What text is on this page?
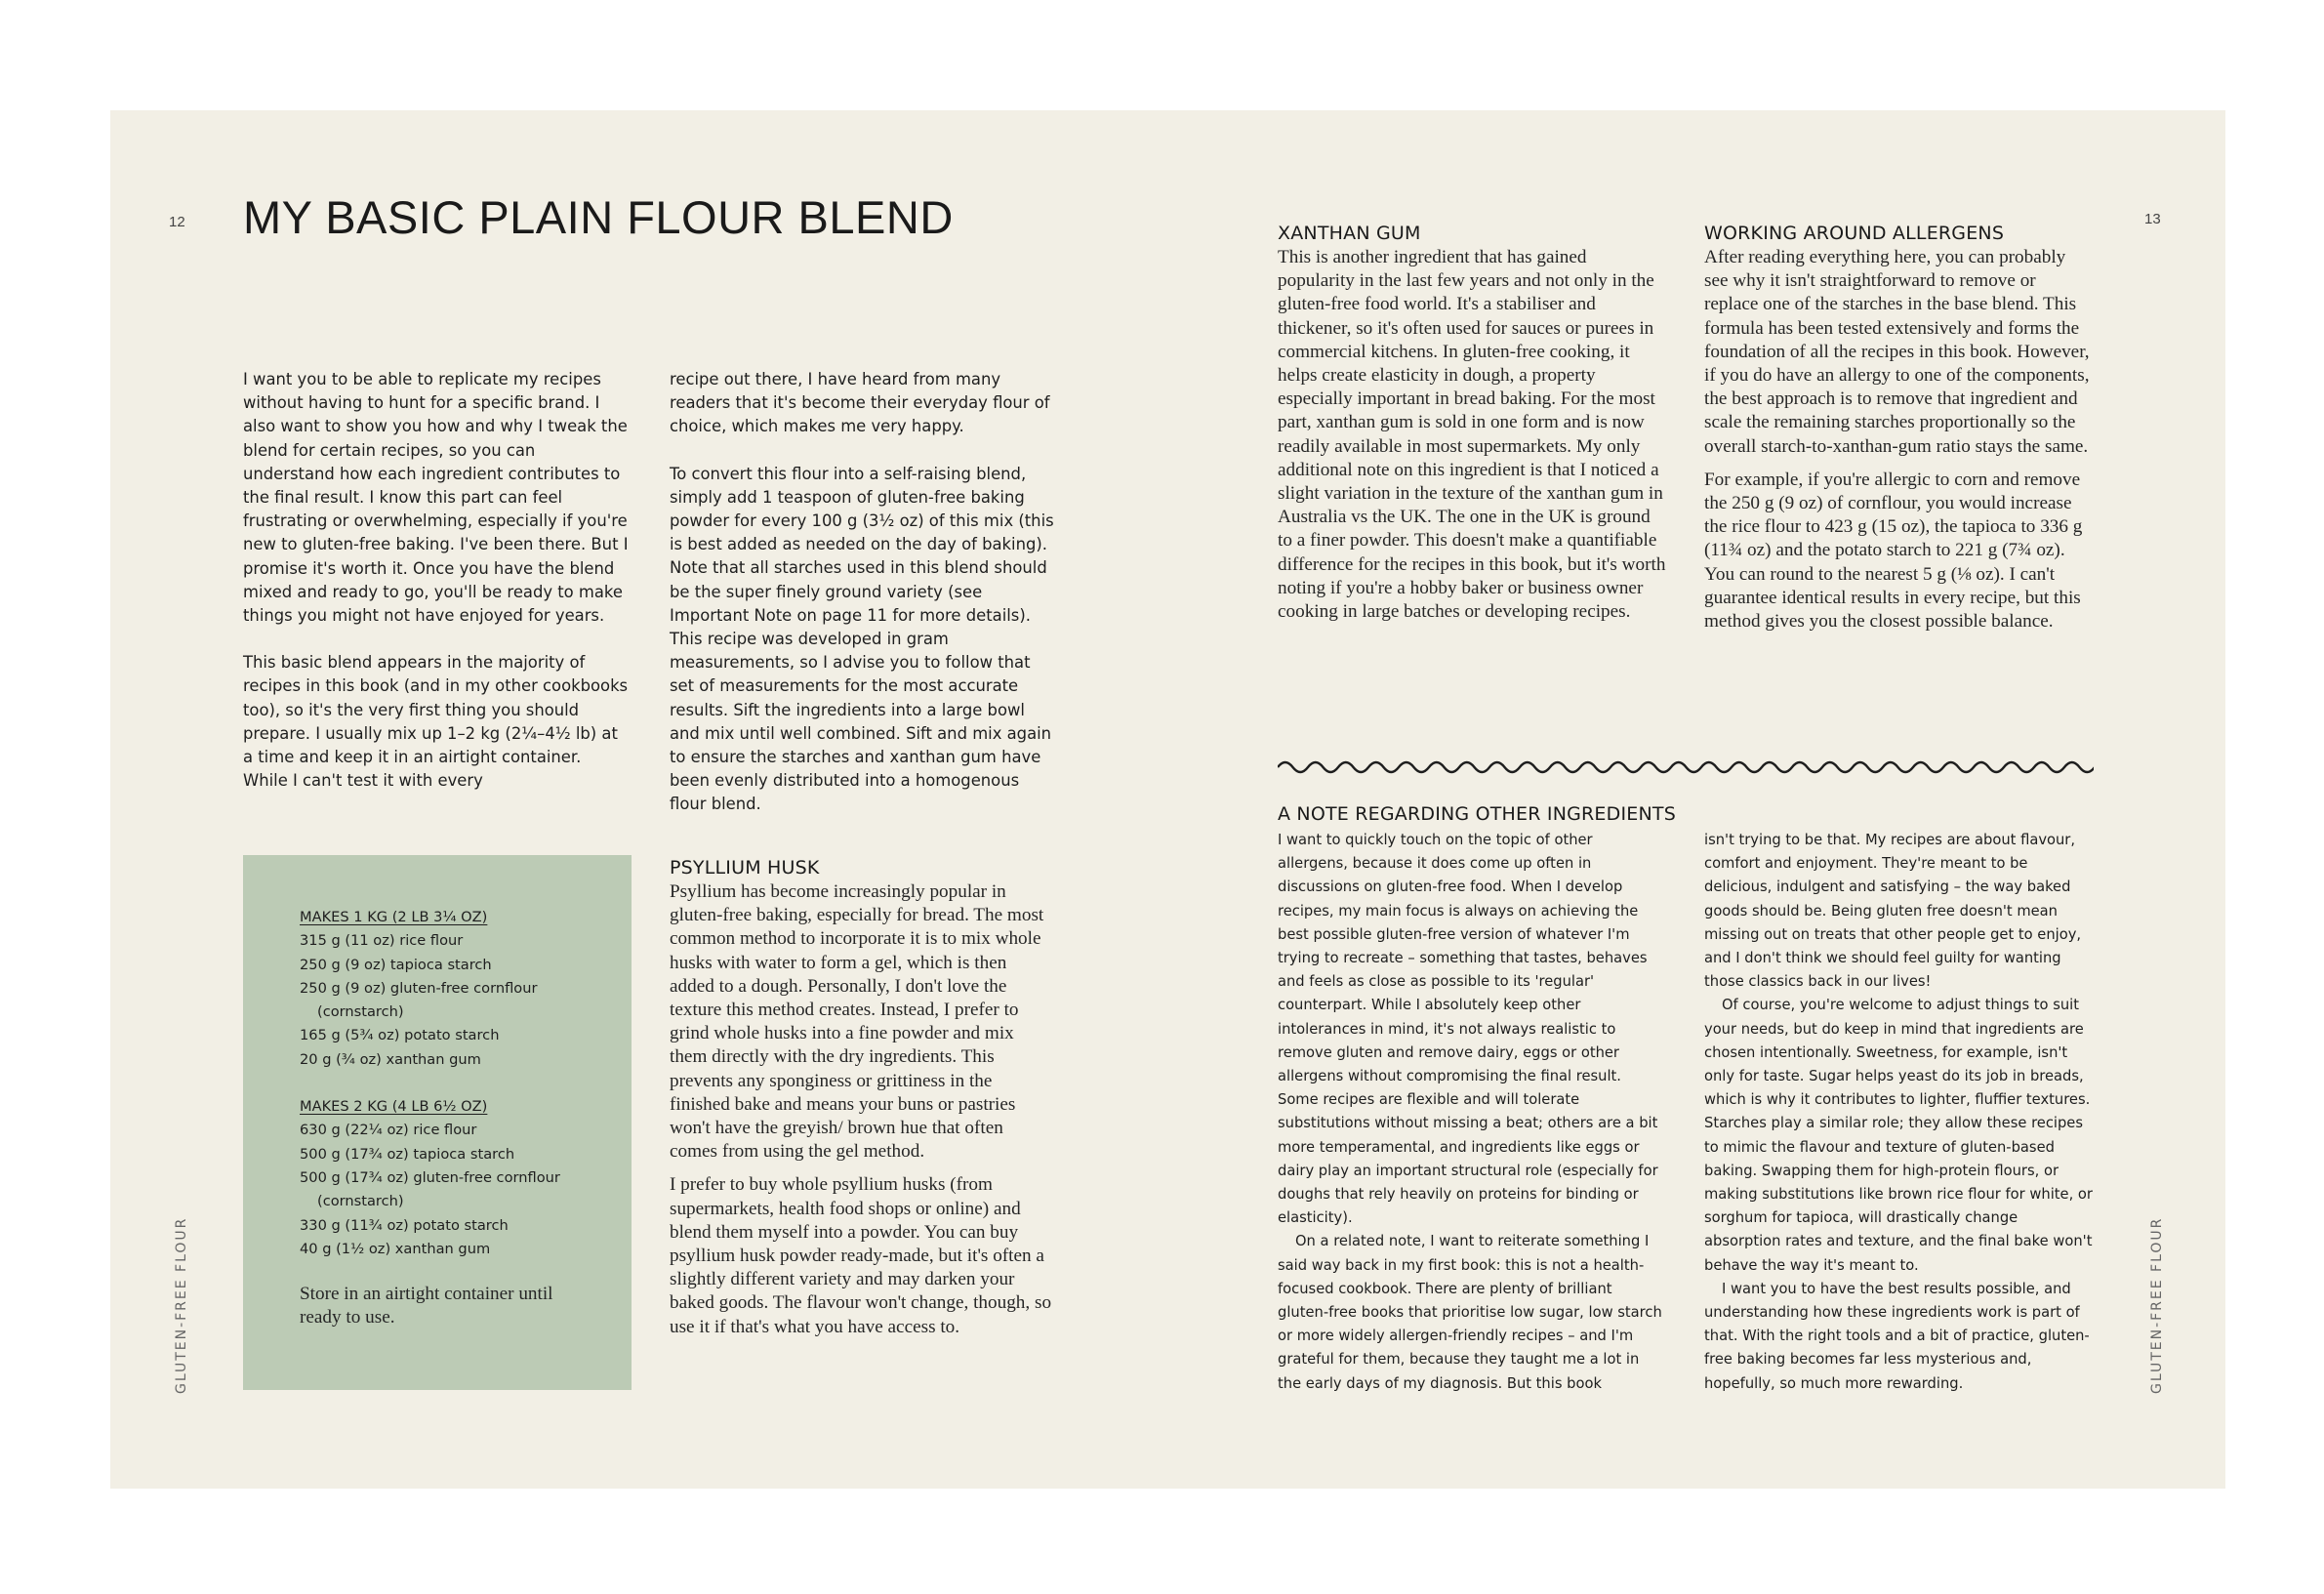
12 MY BASIC PLAIN FLOUR BLEND

I want you to be able to replicate my recipes without having to hunt for a specific brand. I also want to show you how and why I tweak the blend for certain recipes, so you can understand how each ingredient contributes to the final result. I know this part can feel frustrating or overwhelming, especially if you're new to gluten-free baking. I've been there. But I promise it's worth it. Once you have the blend mixed and ready to go, you'll be ready to make things you might not have enjoyed for years.

This basic blend appears in the majority of recipes in this book (and in my other cookbooks too), so it's the very first thing you should prepare. I usually mix up 1–2 kg (2¼–4½ lb) at a time and keep it in an airtight container. While I can't test it with every

recipe out there, I have heard from many readers that it's become their everyday flour of choice, which makes me very happy.

To convert this flour into a self-raising blend, simply add 1 teaspoon of gluten-free baking powder for every 100 g (3½ oz) of this mix (this is best added as needed on the day of baking). Note that all starches used in this blend should be the super finely ground variety (see Important Note on page 11 for more details). This recipe was developed in gram measurements, so I advise you to follow that set of measurements for the most accurate results. Sift the ingredients into a large bowl and mix until well combined. Sift and mix again to ensure the starches and xanthan gum have been evenly distributed into a homogenous flour blend.

MAKES 1 KG (2 LB 3¼ OZ)
315 g (11 oz) rice flour
250 g (9 oz) tapioca starch
250 g (9 oz) gluten-free cornflour
(cornstarch)
165 g (5¾ oz) potato starch
20 g (¾ oz) xanthan gum
MAKES 2 KG (4 LB 6½ OZ)
630 g (22¼ oz) rice flour
500 g (17¾ oz) tapioca starch
500 g (17¾ oz) gluten-free cornflour
(cornstarch)
330 g (11¾ oz) potato starch
40 g (1½ oz) xanthan gum
Store in an airtight container until ready to use.
PSYLLIUM HUSK

Psyllium has become increasingly popular in gluten-free baking, especially for bread. The most common method to incorporate it is to mix whole husks with water to form a gel, which is then added to a dough. Personally, I don't love the texture this method creates. Instead, I prefer to grind whole husks into a fine powder and mix them directly with the dry ingredients. This prevents any sponginess or grittiness in the finished bake and means your buns or pastries won't have the greyish/ brown hue that often comes from using the gel method.

I prefer to buy whole psyllium husks (from supermarkets, health food shops or online) and blend them myself into a powder. You can buy psyllium husk powder ready-made, but it's often a slightly different variety and may darken your baked goods. The flavour won't change, though, so use it if that's what you have access to.

GLUTEN-FREE FLOUR
13
XANTHAN GUM

This is another ingredient that has gained popularity in the last few years and not only in the gluten-free food world. It's a stabiliser and thickener, so it's often used for sauces or purees in commercial kitchens. In gluten-free cooking, it helps create elasticity in dough, a property especially important in bread baking. For the most part, xanthan gum is sold in one form and is now readily available in most supermarkets. My only additional note on this ingredient is that I noticed a slight variation in the texture of the xanthan gum in Australia vs the UK. The one in the UK is ground to a finer powder. This doesn't make a quantifiable difference for the recipes in this book, but it's worth noting if you're a hobby baker or business owner cooking in large batches or developing recipes.

WORKING AROUND ALLERGENS

After reading everything here, you can probably see why it isn't straightforward to remove or replace one of the starches in the base blend. This formula has been tested extensively and forms the foundation of all the recipes in this book. However, if you do have an allergy to one of the components, the best approach is to remove that ingredient and scale the remaining starches proportionally so the overall starch-to-xanthan-gum ratio stays the same.

For example, if you're allergic to corn and remove the 250 g (9 oz) of cornflour, you would increase the rice flour to 423 g (15 oz), the tapioca to 336 g (11¾ oz) and the potato starch to 221 g (7¾ oz). You can round to the nearest 5 g (⅛ oz). I can't guarantee identical results in every recipe, but this method gives you the closest possible balance.

A NOTE REGARDING OTHER INGREDIENTS

I want to quickly touch on the topic of other allergens, because it does come up often in discussions on gluten-free food. When I develop recipes, my main focus is always on achieving the best possible gluten-free version of whatever I'm trying to recreate – something that tastes, behaves and feels as close as possible to its 'regular' counterpart. While I absolutely keep other intolerances in mind, it's not always realistic to remove gluten and remove dairy, eggs or other allergens without compromising the final result. Some recipes are flexible and will tolerate substitutions without missing a beat; others are a bit more temperamental, and ingredients like eggs or dairy play an important structural role (especially for doughs that rely heavily on proteins for binding or elasticity).

On a related note, I want to reiterate something I said way back in my first book: this is not a health-focused cookbook. There are plenty of brilliant gluten-free books that prioritise low sugar, low starch or more widely allergen-friendly recipes – and I'm grateful for them, because they taught me a lot in the early days of my diagnosis. But this book

isn't trying to be that. My recipes are about flavour, comfort and enjoyment. They're meant to be delicious, indulgent and satisfying – the way baked goods should be. Being gluten free doesn't mean missing out on treats that other people get to enjoy, and I don't think we should feel guilty for wanting those classics back in our lives!

Of course, you're welcome to adjust things to suit your needs, but do keep in mind that ingredients are chosen intentionally. Sweetness, for example, isn't only for taste. Sugar helps yeast do its job in breads, which is why it contributes to lighter, fluffier textures. Starches play a similar role; they allow these recipes to mimic the flavour and texture of gluten-based baking. Swapping them for high-protein flours, or making substitutions like brown rice flour for white, or sorghum for tapioca, will drastically change absorption rates and texture, and the final bake won't behave the way it's meant to.

I want you to have the best results possible, and understanding how these ingredients work is part of that. With the right tools and a bit of practice, gluten-free baking becomes far less mysterious and, hopefully, so much more rewarding.	GLUTEN-FREE FLOUR
